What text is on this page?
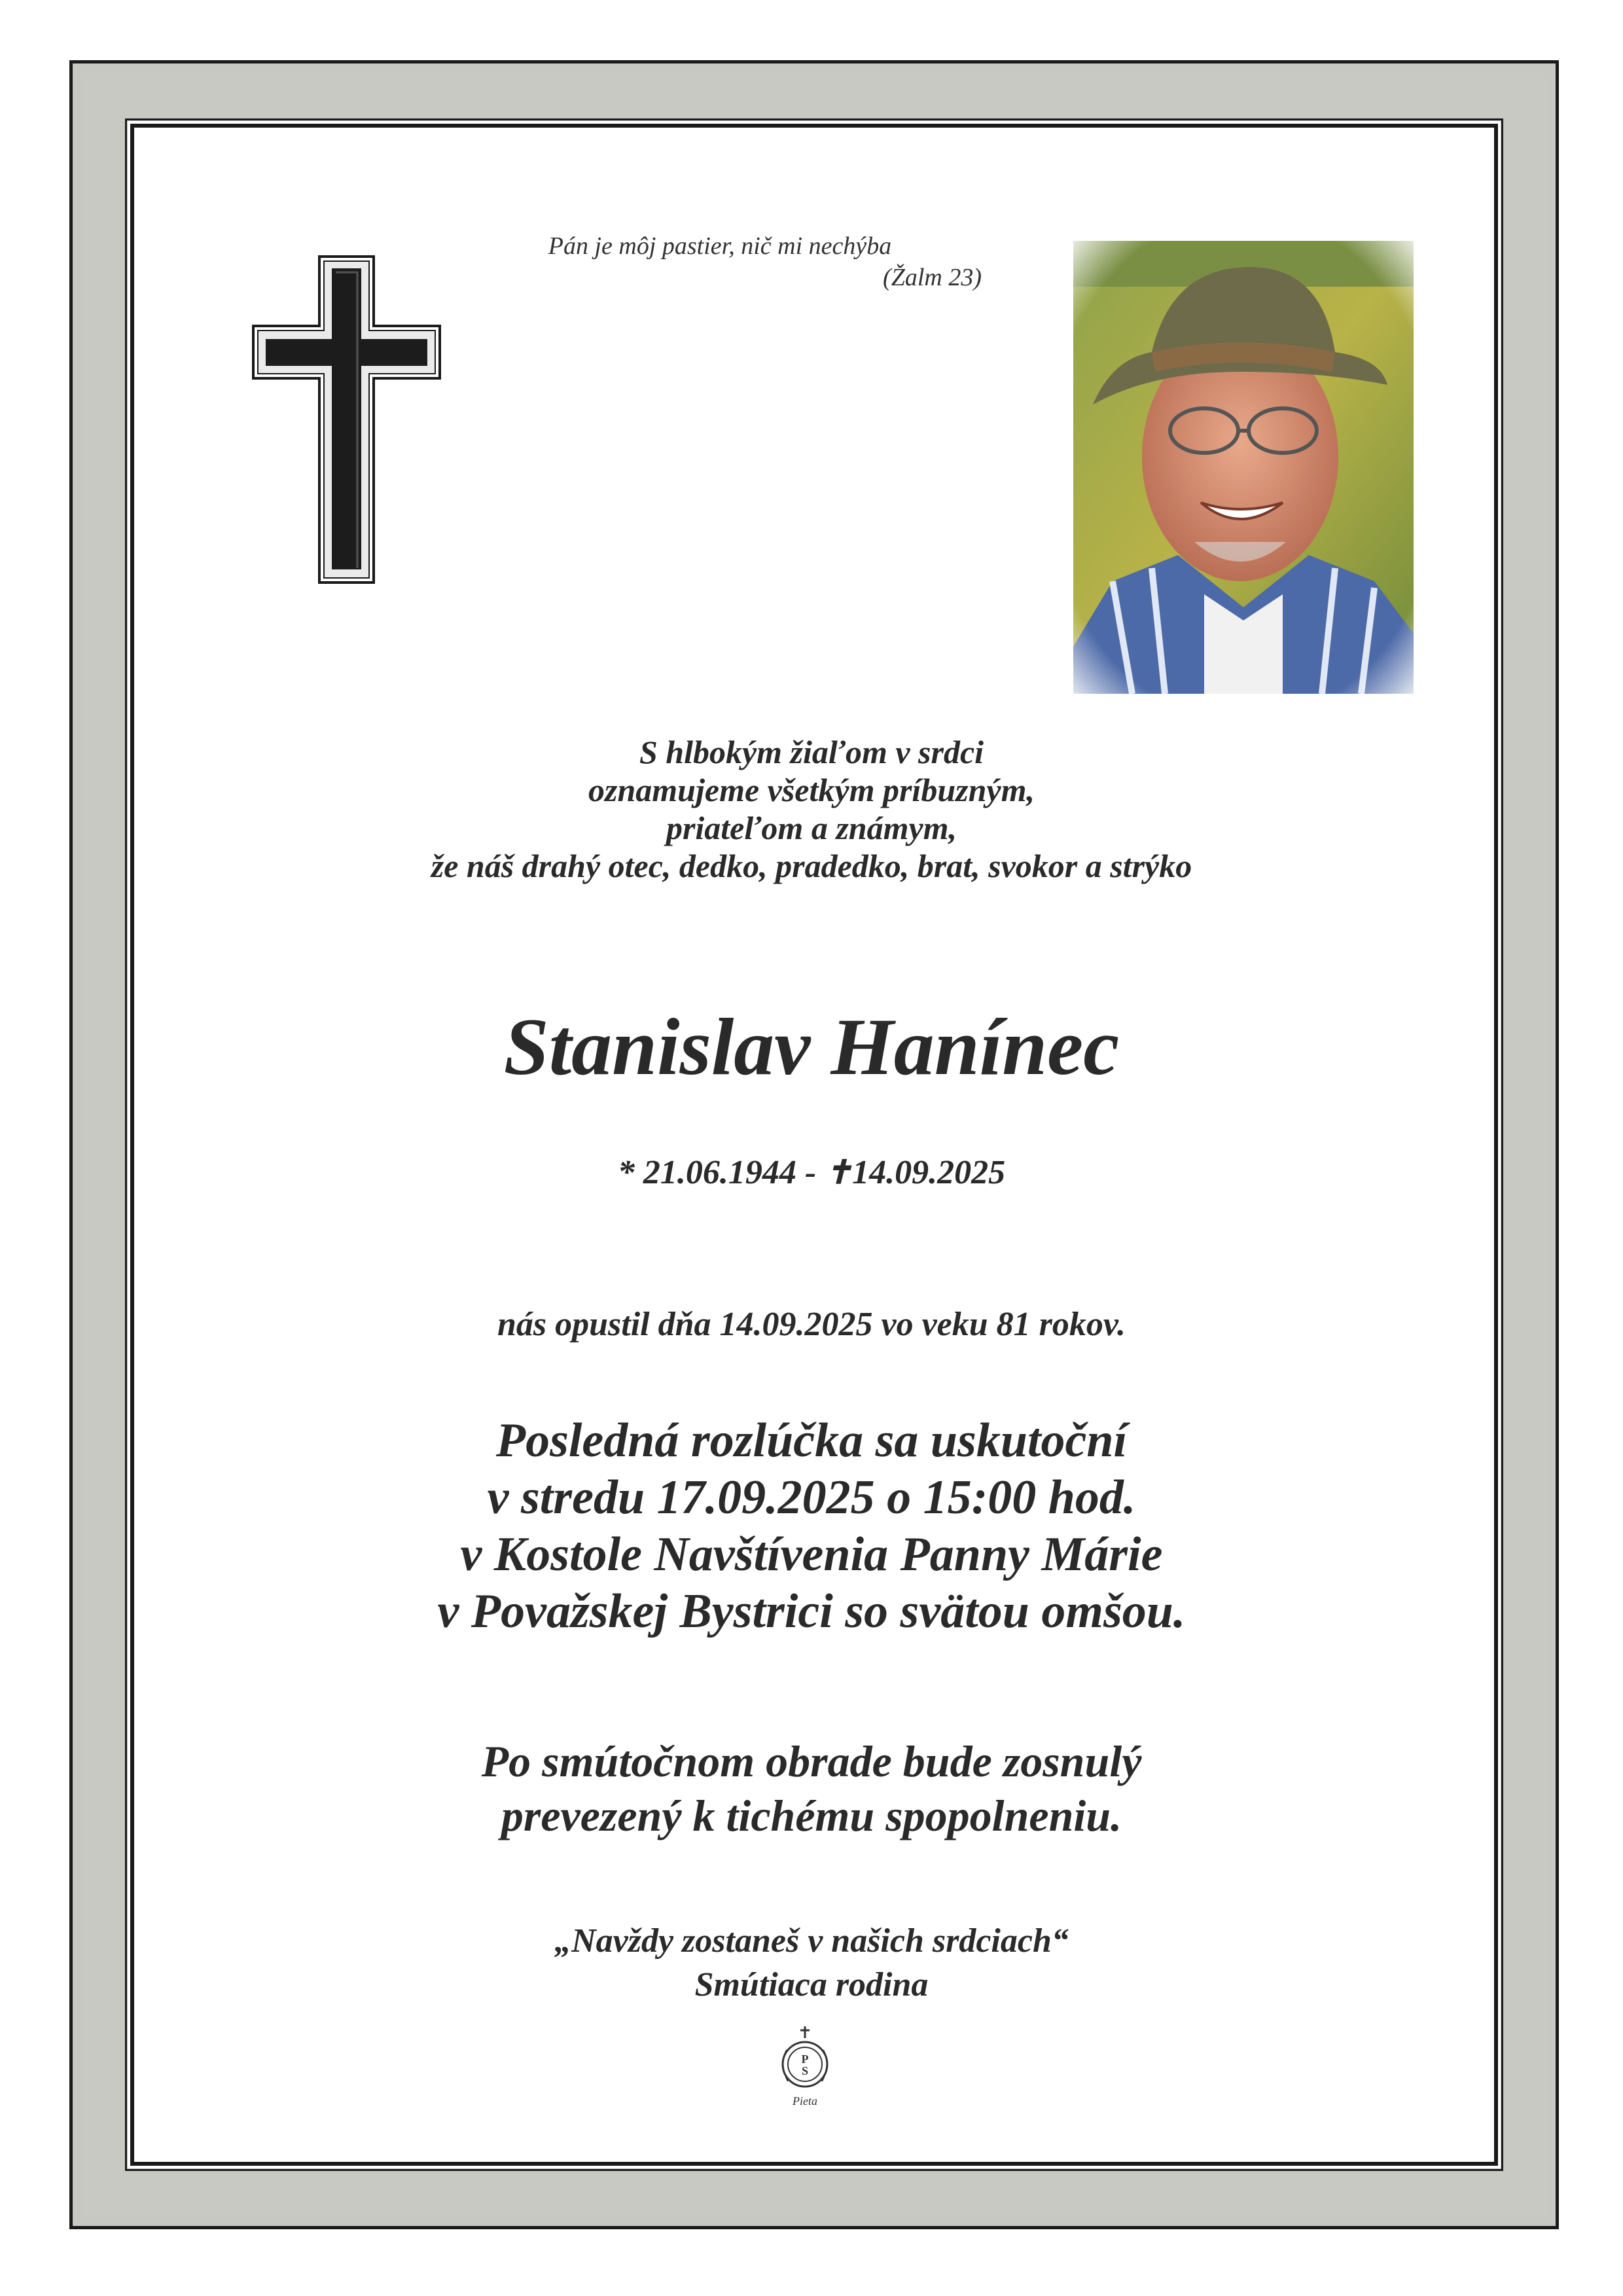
Pán je môj pastier, nič mi nechýba
(Žalm 23)
S hlbokým žiaľom v srdci
oznamujeme všetkým príbuzným,
priateľom a známym,
že náš drahý otec, dedko, pradedko, brat, svokor a strýko
Stanislav Hanínec
* 21.06.1944 - ✝14.09.2025
nás opustil dňa 14.09.2025 vo veku 81 rokov.
Posledná rozlúčka sa uskutoční
v stredu 17.09.2025 o 15:00 hod.
v Kostole Navštívenia Panny Márie
v Považskej Bystrici so svätou omšou.
Po smútočnom obrade bude zosnulý
prevezený k tichému spopolneniu.
„Navždy zostaneš v našich srdciach“
Smútiaca rodina
P
S
Pieta
